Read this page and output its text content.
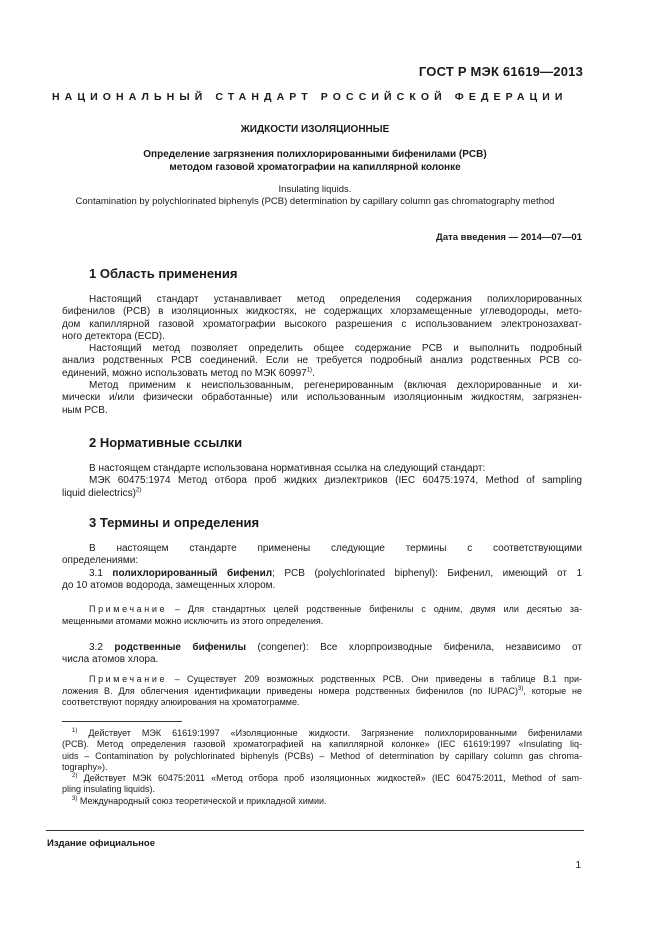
ГОСТ Р МЭК 61619—2013
НАЦИОНАЛЬНЫЙ СТАНДАРТ РОССИЙСКОЙ ФЕДЕРАЦИИ
ЖИДКОСТИ ИЗОЛЯЦИОННЫЕ
Определение загрязнения полихлорированными бифенилами (PCB)
методом газовой хроматографии на капиллярной колонке
Insulating liquids.
Contamination by polychlorinated biphenyls (PCB) determination by capillary column gas chromatography method
Дата введения — 2014—07—01
1 Область применения
Настоящий стандарт устанавливает метод определения содержания полихлорированных
бифенилов (PCB) в изоляционных жидкостях, не содержащих хлорзамещенные углеводороды, мето-
дом капиллярной газовой хроматографии высокого разрешения с использованием электронозахват-
ного детектора (ECD).
Настоящий метод позволяет определить общее содержание PCB и выполнить подробный
анализ родственных PCB соединений. Если не требуется подробный анализ родственных PCB со-
единений, можно использовать метод по МЭК 60997$^{1)}$.
Метод применим к неиспользованным, регенерированным (включая дехлорированные и хи-
мически и/или физически обработанные) или использованным изоляционным жидкостям, загрязнен-
ным PCB.
2 Нормативные ссылки
В настоящем стандарте использована нормативная ссылка на следующий стандарт:
МЭК 60475:1974 Метод отбора проб жидких диэлектриков (IEC 60475:1974, Method of sampling
liquid dielectrics)$^{2)}$
3 Термины и определения
В настоящем стандарте применены следующие термины с соответствующими
определениями:
3.1 полихлорированный бифенил; PCB (polychlorinated biphenyl): Бифенил, имеющий от 1
до 10 атомов водорода, замещенных хлором.
Примечание – Для стандартных целей родственные бифенилы с одним, двумя или десятью за-
мещенными атомами можно исключить из этого определения.
3.2 родственные бифенилы (congener): Все хлорпроизводные бифенила, независимо от
числа атомов хлора.
Примечание – Существует 209 возможных родственных PCB. Они приведены в таблице В.1 при-
ложения В. Для облегчения идентификации приведены номера родственных бифенилов (по IUPAC)$^{3)}$, которые не
соответствуют порядку элюирования на хроматограмме.
$^{1)}$ Действует МЭК 61619:1997 «Изоляционные жидкости. Загрязнение полихлорированными бифенилами
(PCB). Метод определения газовой хроматографией на капиллярной колонке» (IEC 61619:1997 «Insulating liq-
uids – Contamination by polychlorinated biphenyls (PCBs) – Method of determination by capillary column gas chroma-
tography»).
$^{2)}$ Действует МЭК 60475:2011 «Метод отбора проб изоляционных жидкостей» (IEC 60475:2011, Method of sam-
pling insulating liquids).
$^{3)}$ Международный союз теоретической и прикладной химии.
Издание официальное
1
